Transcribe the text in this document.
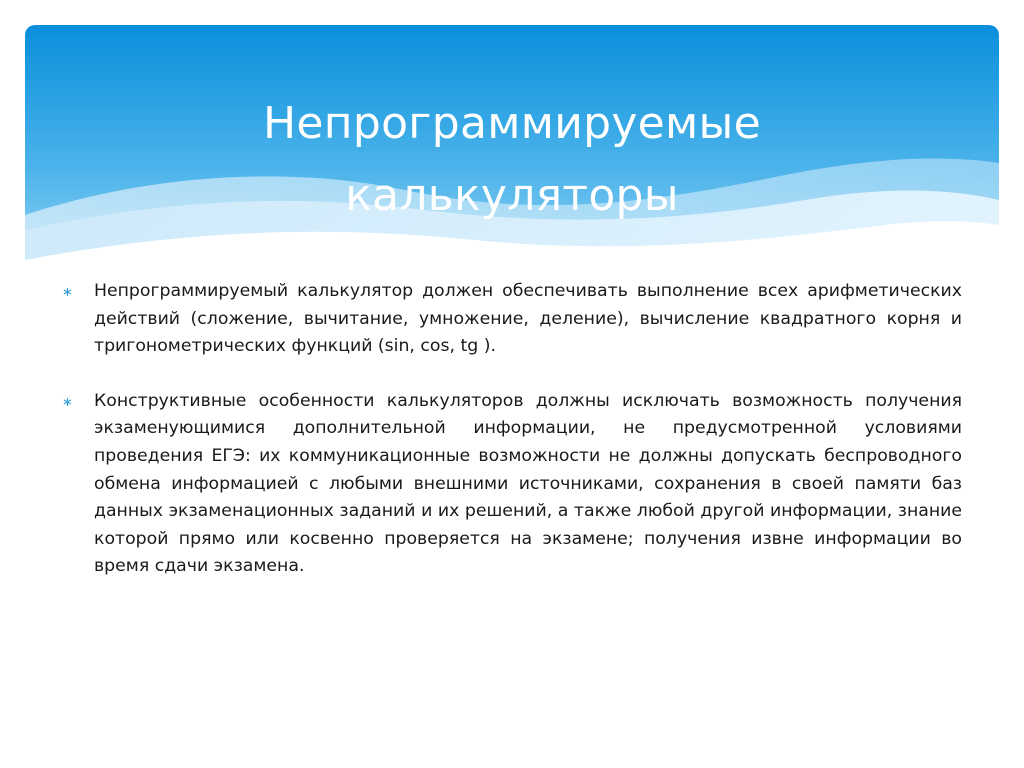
Непрограммируемые калькуляторы

∗ Непрограммируемый калькулятор должен обеспечивать выполнение всех арифметических действий (сложение, вычитание, умножение, деление), вычисление квадратного корня и тригонометрических функций (sin, cos, tg ).

∗ Конструктивные особенности калькуляторов должны исключать возможность получения экзаменующимися дополнительной информации, не предусмотренной условиями проведения ЕГЭ: их коммуникационные возможности не должны допускать беспроводного обмена информацией с любыми внешними источниками, сохранения в своей памяти баз данных экзаменационных заданий и их решений, а также любой другой информации, знание которой прямо или косвенно проверяется на экзамене; получения извне информации во время сдачи экзамена.
